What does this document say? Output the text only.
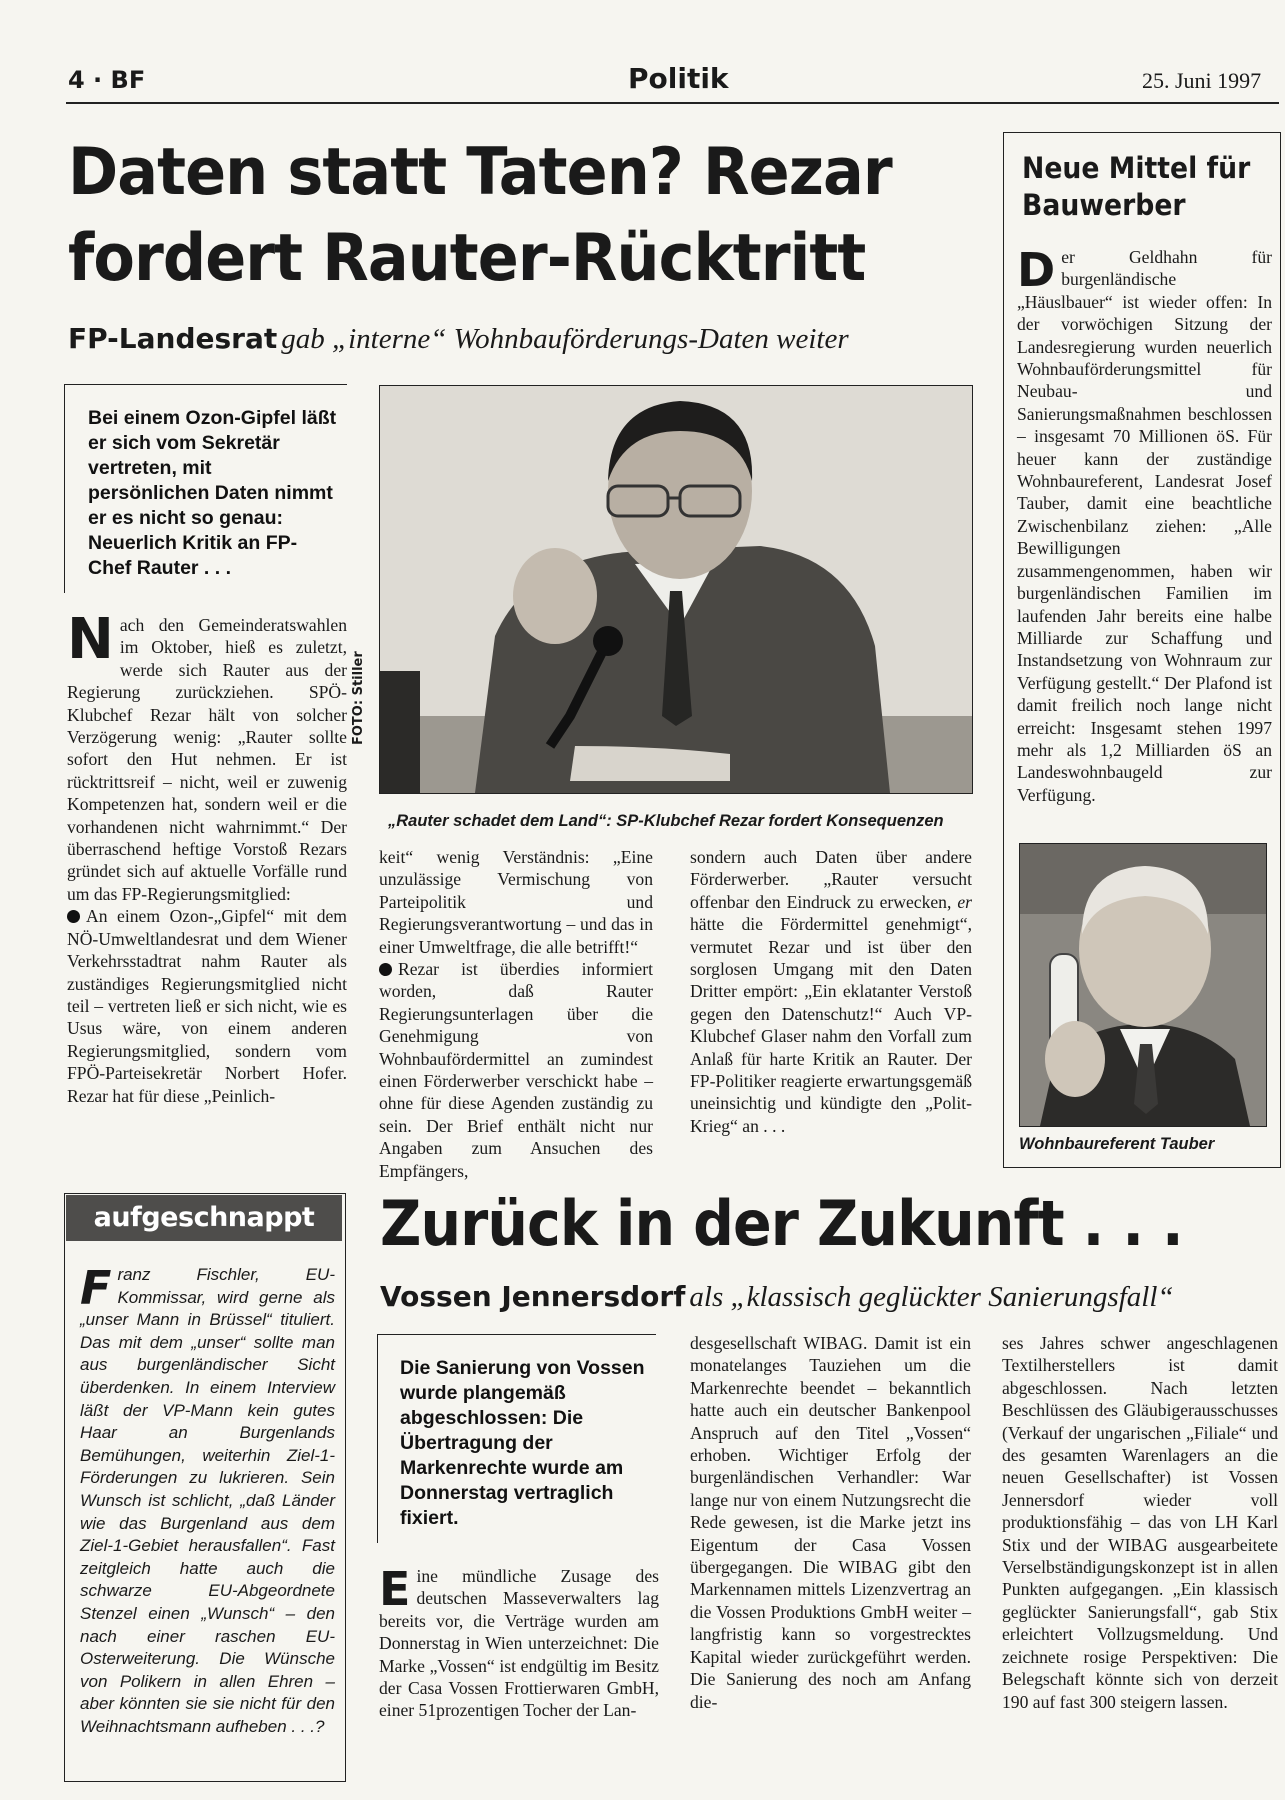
4 · BF	Politik	25. Juni 1997
Daten statt Taten? Rezar
fordert Rauter-Rücktritt
FP-Landesrat gab „interne“ Wohnbauförderungs-Daten weiter
Bei einem Ozon-Gipfel läßt er sich vom Sekretär vertreten, mit persönlichen Daten nimmt er es nicht so genau: Neuerlich Kritik an FP-Chef Rauter . . .
FOTO: Stiller
„Rauter schadet dem Land“: SP-Klubchef Rezar fordert Konsequenzen

Nach den Gemeinderatswahlen im Oktober, hieß es zuletzt, werde sich Rauter aus der Regierung zurückziehen. SPÖ-Klubchef Rezar hält von solcher Verzögerung wenig: „Rauter sollte sofort den Hut nehmen. Er ist rücktrittsreif – nicht, weil er zuwenig Kompetenzen hat, sondern weil er die vorhandenen nicht wahrnimmt.“ Der überraschend heftige Vorstoß Rezars gründet sich auf aktuelle Vorfälle rund um das FP-Regierungsmitglied:

An einem Ozon-„Gipfel“ mit dem NÖ-Umweltlandesrat und dem Wiener Verkehrsstadtrat nahm Rauter als zuständiges Regierungsmitglied nicht teil – vertreten ließ er sich nicht, wie es Usus wäre, von einem anderen Regierungsmitglied, sondern vom FPÖ-Parteisekretär Norbert Hofer. Rezar hat für diese „Peinlich-

keit“ wenig Verständnis: „Eine unzulässige Vermischung von Parteipolitik und Regierungsverantwortung – und das in einer Umweltfrage, die alle betrifft!“

Rezar ist überdies informiert worden, daß Rauter Regierungsunterlagen über die Genehmigung von Wohnbaufördermittel an zumindest einen Förderwerber verschickt habe – ohne für diese Agenden zuständig zu sein. Der Brief enthält nicht nur Angaben zum Ansuchen des Empfängers,

sondern auch Daten über andere Förderwerber. „Rauter versucht offenbar den Eindruck zu erwecken, er hätte die Fördermittel genehmigt“, vermutet Rezar und ist über den sorglosen Umgang mit den Daten Dritter empört: „Ein eklatanter Verstoß gegen den Datenschutz!“ Auch VP-Klubchef Glaser nahm den Vorfall zum Anlaß für harte Kritik an Rauter. Der FP-Politiker reagierte erwartungsgemäß uneinsichtig und kündigte den „Polit-Krieg“ an . . .

Neue Mittel für Bauwerber

Der Geldhahn für burgenländische „Häuslbauer“ ist wieder offen: In der vorwöchigen Sitzung der Landesregierung wurden neuerlich Wohnbauförderungsmittel für Neubau- und Sanierungsmaßnahmen beschlossen – insgesamt 70 Millionen öS. Für heuer kann der zuständige Wohnbaureferent, Landesrat Josef Tauber, damit eine beachtliche Zwischenbilanz ziehen: „Alle Bewilligungen zusammengenommen, haben wir burgenländischen Familien im laufenden Jahr bereits eine halbe Milliarde zur Schaffung und Instandsetzung von Wohnraum zur Verfügung gestellt.“ Der Plafond ist damit freilich noch lange nicht erreicht: Insgesamt stehen 1997 mehr als 1,2 Milliarden öS an Landeswohnbaugeld zur Verfügung.

Wohnbaureferent Tauber
aufgeschnappt
Franz Fischler, EU-Kommissar, wird gerne als „unser Mann in Brüssel“ tituliert. Das mit dem „unser“ sollte man aus burgenländischer Sicht überdenken. In einem Interview läßt der VP-Mann kein gutes Haar an Burgenlands Bemühungen, weiterhin Ziel-1-Förderungen zu lukrieren. Sein Wunsch ist schlicht, „daß Länder wie das Burgenland aus dem Ziel-1-Gebiet herausfallen“. Fast zeitgleich hatte auch die schwarze EU-Abgeordnete Stenzel einen „Wunsch“ – den nach einer raschen EU-Osterweiterung. Die Wünsche von Polikern in allen Ehren – aber könnten sie sie nicht für den Weihnachtsmann aufheben . . .?
Zurück in der Zukunft . . .
Vossen Jennersdorf als „klassisch geglückter Sanierungsfall“
Die Sanierung von Vossen wurde plangemäß abgeschlossen: Die Übertragung der Markenrechte wurde am Donnerstag vertraglich fixiert.

Eine mündliche Zusage des deutschen Masseverwalters lag bereits vor, die Verträge wurden am Donnerstag in Wien unterzeichnet: Die Marke „Vossen“ ist endgültig im Besitz der Casa Vossen Frottierwaren GmbH, einer 51prozentigen Tocher der Lan-

desgesellschaft WIBAG. Damit ist ein monatelanges Tauziehen um die Markenrechte beendet – bekanntlich hatte auch ein deutscher Bankenpool Anspruch auf den Titel „Vossen“ erhoben. Wichtiger Erfolg der burgenländischen Verhandler: War lange nur von einem Nutzungsrecht die Rede gewesen, ist die Marke jetzt ins Eigentum der Casa Vossen übergegangen. Die WIBAG gibt den Markennamen mittels Lizenzvertrag an die Vossen Produktions GmbH weiter – langfristig kann so vorgestrecktes Kapital wieder zurückgeführt werden. Die Sanierung des noch am Anfang die-

ses Jahres schwer angeschlagenen Textilherstellers ist damit abgeschlossen. Nach letzten Beschlüssen des Gläubigerausschusses (Verkauf der ungarischen „Filiale“ und des gesamten Warenlagers an die neuen Gesellschafter) ist Vossen Jennersdorf wieder voll produktionsfähig – das von LH Karl Stix und der WIBAG ausgearbeitete Verselbständigungskonzept ist in allen Punkten aufgegangen. „Ein klassisch geglückter Sanierungsfall“, gab Stix erleichtert Vollzugsmeldung. Und zeichnete rosige Perspektiven: Die Belegschaft könnte sich von derzeit 190 auf fast 300 steigern lassen.
